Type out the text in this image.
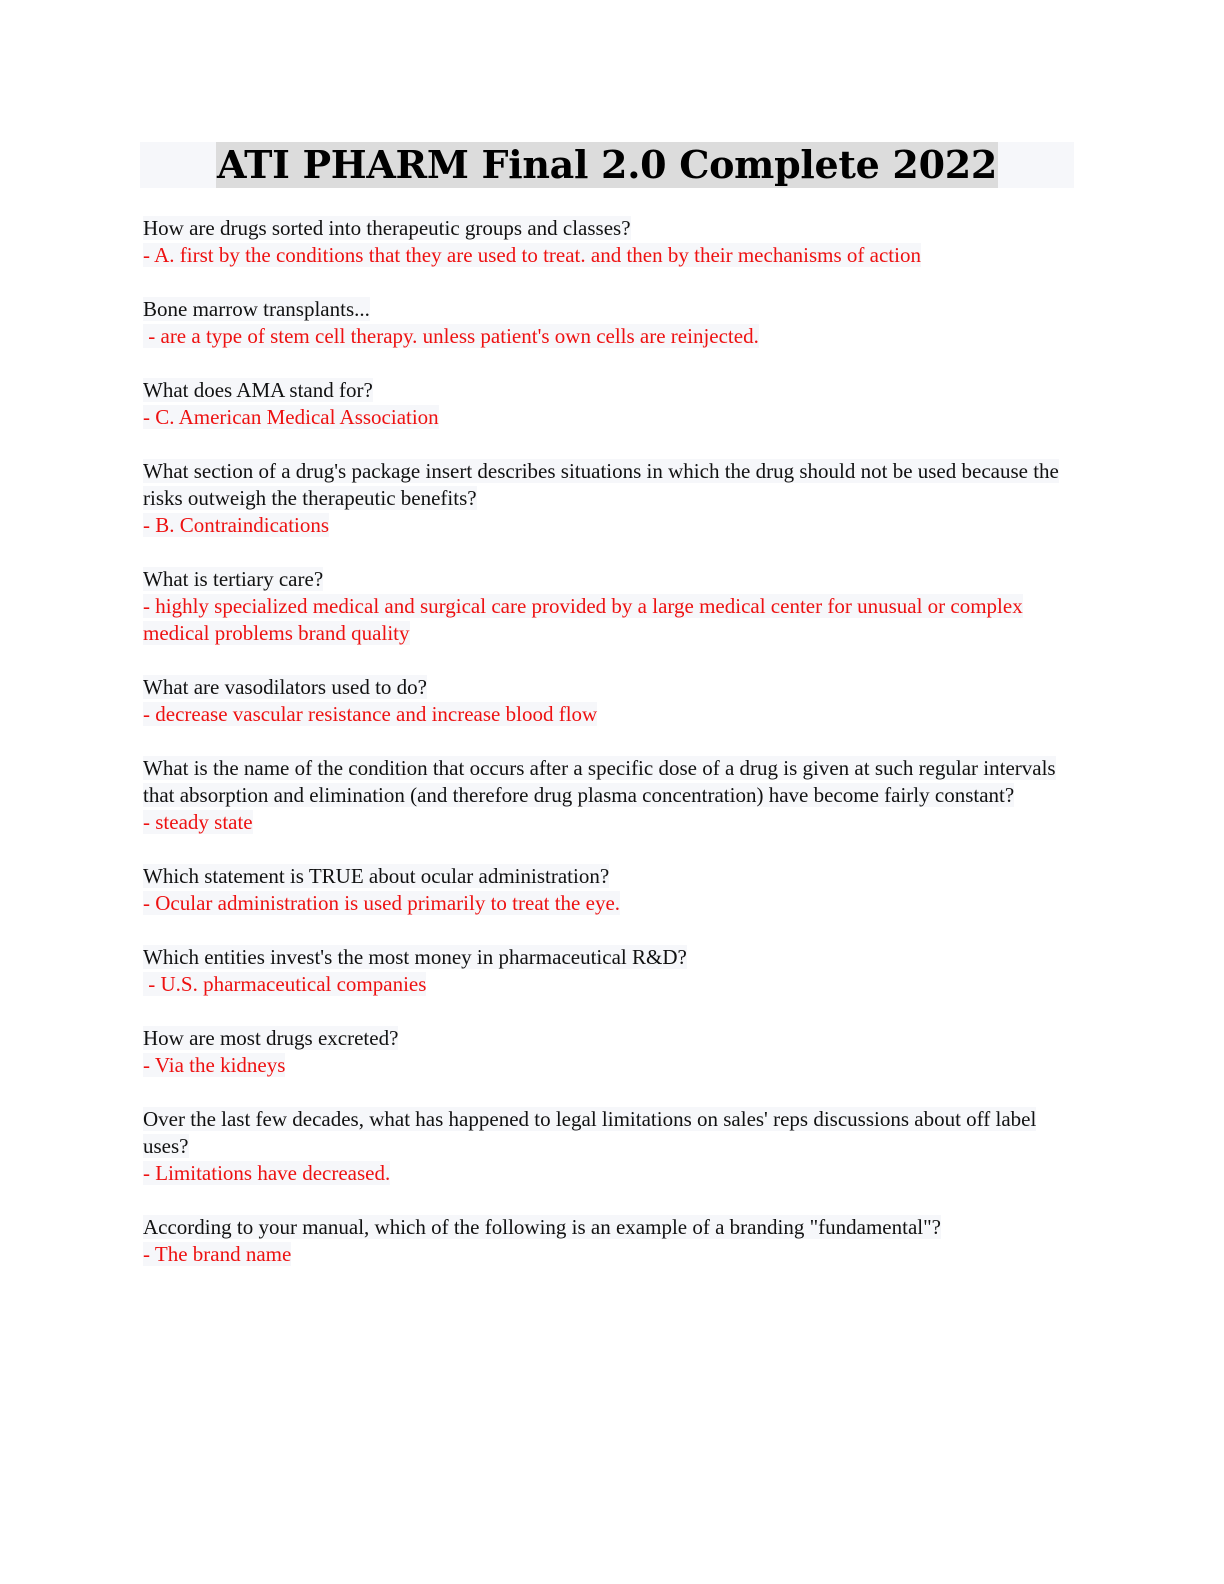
ATI PHARM Final 2.0 Complete 2022
How are drugs sorted into therapeutic groups and classes?
- A. first by the conditions that they are used to treat. and then by their mechanisms of action
Bone marrow transplants...
- are a type of stem cell therapy. unless patient's own cells are reinjected.
What does AMA stand for?
- C. American Medical Association
What section of a drug's package insert describes situations in which the drug should not be used because the risks outweigh the therapeutic benefits?
- B. Contraindications
What is tertiary care?
- highly specialized medical and surgical care provided by a large medical center for unusual or complex medical problems brand quality
What are vasodilators used to do?
- decrease vascular resistance and increase blood flow
What is the name of the condition that occurs after a specific dose of a drug is given at such regular intervals that absorption and elimination (and therefore drug plasma concentration) have become fairly constant?
- steady state
Which statement is TRUE about ocular administration?
- Ocular administration is used primarily to treat the eye.
Which entities invest's the most money in pharmaceutical R&D?
- U.S. pharmaceutical companies
How are most drugs excreted?
- Via the kidneys
Over the last few decades, what has happened to legal limitations on sales' reps discussions about off label uses?
- Limitations have decreased.
According to your manual, which of the following is an example of a branding "fundamental"?
- The brand name
